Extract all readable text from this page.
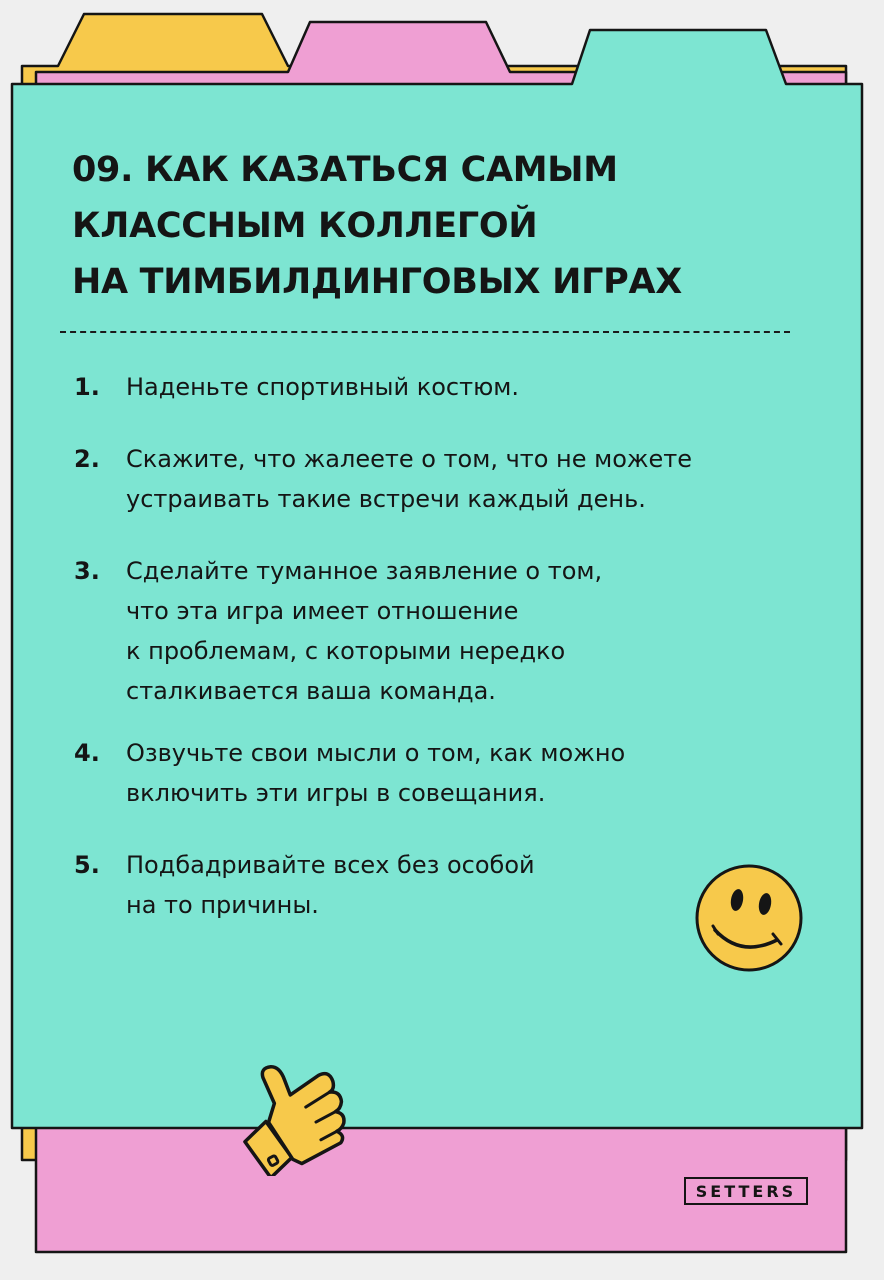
09. КАК КАЗАТЬСЯ САМЫМ
КЛАССНЫМ КОЛЛЕГОЙ
НА ТИМБИЛДИНГОВЫХ ИГРАХ
1. Наденьте спортивный костюм.
2. Скажите, что жалеете о том, что не можете
устраивать такие встречи каждый день.
3. Сделайте туманное заявление о том,
что эта игра имеет отношение
к проблемам, с которыми нередко
сталкивается ваша команда.
4. Озвучьте свои мысли о том, как можно
включить эти игры в совещания.
5. Подбадривайте всех без особой
на то причины.
SETTERS
